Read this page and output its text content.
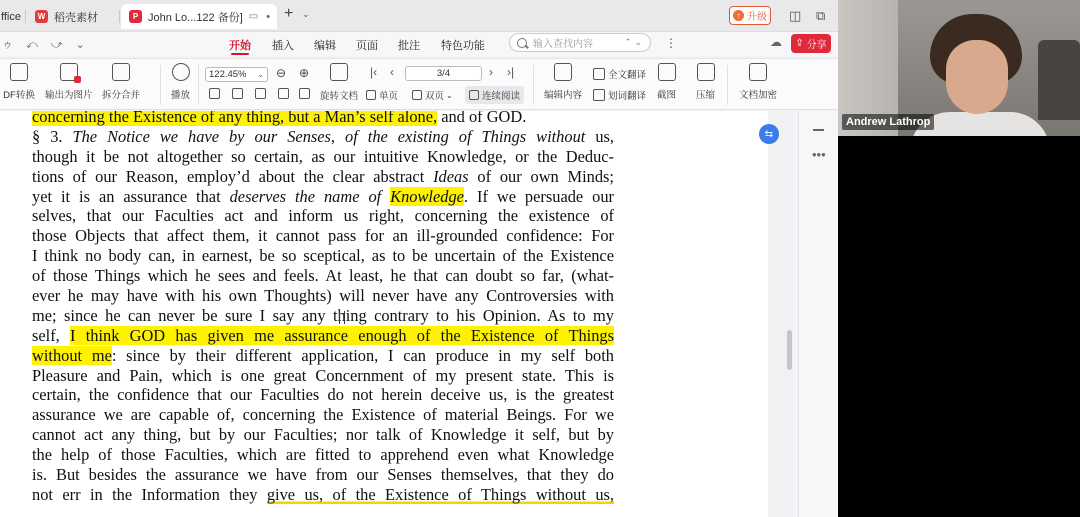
ffice	W 稻壳素材	P John Lo...122 备份] ▭ • + ⌄	↑ 升级 ◫ ⧉
ゥ ⤺ ⤻ ⌄	开始 插入 编辑 页面 批注 特色功能	输入查找内容	⌃ ⌄ ⋮	☁ ⇪ 分享
DF转换 输出为图片 拆分合并	播放
122.45% ⌄ ⊖ ⊕
旋转文档
|‹ ‹	3/4	› ›|
单页	双页 ⌄	连续阅读	编辑内容
全文翻译
划词翻译 截图 压缩	文档加密
concerning the Existence of any thing, but a Man’s self alone, and of GOD.
§ 3. The Notice we have by our Senses, of the existing of Things without us,
though it be not altogether so certain, as our intuitive Knowledge, or the Deduc-
tions of our Reason, employ’d about the clear abstract Ideas of our own Minds;
yet it is an assurance that deserves the name of Knowledge. If we persuade our
selves, that our Faculties act and inform us right, concerning the existence of
those Objects that affect them, it cannot pass for an ill-grounded confidence: For
I think no body can, in earnest, be so sceptical, as to be uncertain of the Existence
of those Things which he sees and feels. At least, he that can doubt so far, (what-
ever he may have with his own Thoughts) will never have any Controversies with
me; since he can never be sure I say any thing contrary to his Opinion. As to my
self, I think GOD has given me assurance enough of the Existence of Things
without me: since by their different application, I can produce in my self both
Pleasure and Pain, which is one great Concernment of my present state. This is
certain, the confidence that our Faculties do not herein deceive us, is the greatest
assurance we are capable of, concerning the Existence of material Beings. For we
cannot act any thing, but by our Faculties; nor talk of Knowledge it self, but by
the help of those Faculties, which are fitted to apprehend even what Knowledge
is. But besides the assurance we have from our Senses themselves, that they do
not err in the Information they give us, of the Existence of Things without us,
⇆
•••
Andrew Lathrop
